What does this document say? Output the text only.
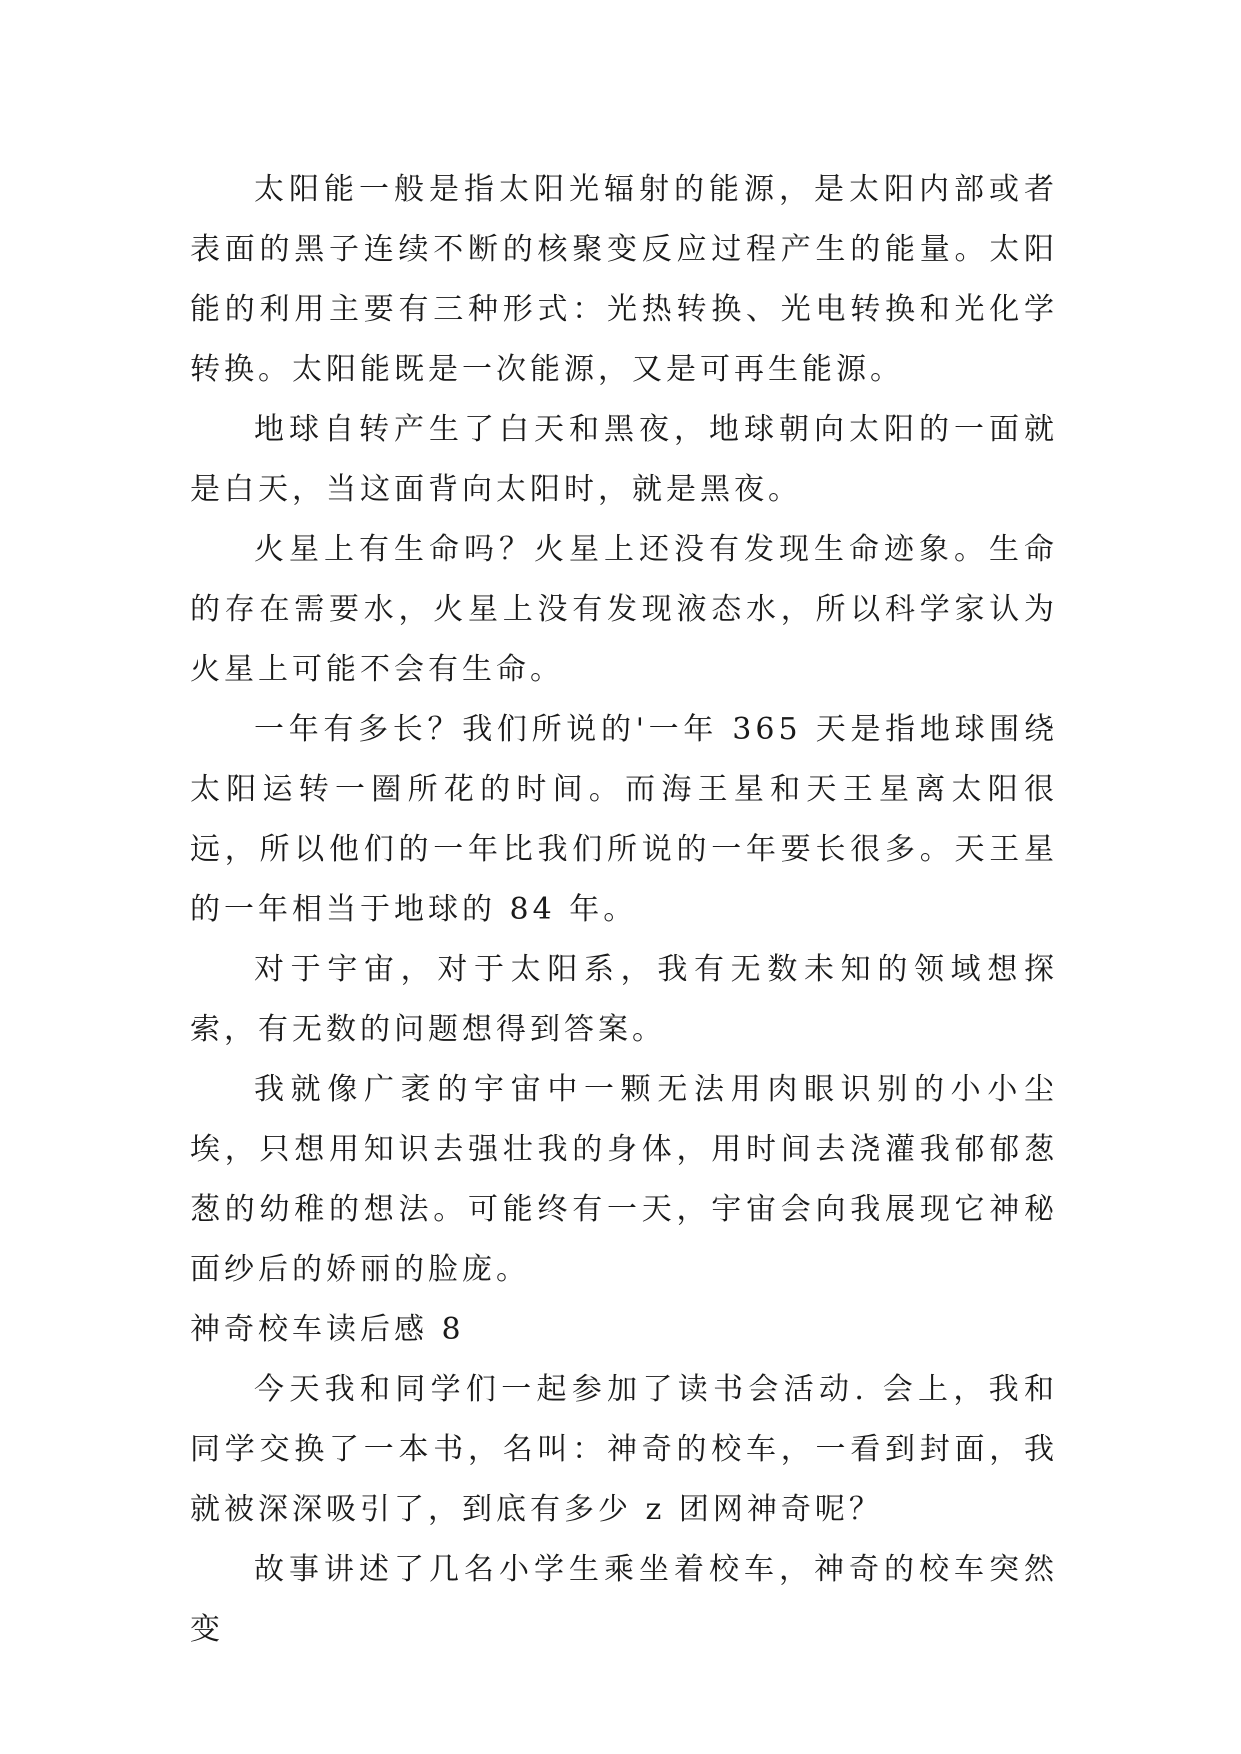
太阳能一般是指太阳光辐射的能源，是太阳内部或者表面的黑子连续不断的核聚变反应过程产生的能量。太阳能的利用主要有三种形式：光热转换、光电转换和光化学转换。太阳能既是一次能源，又是可再生能源。

地球自转产生了白天和黑夜，地球朝向太阳的一面就是白天，当这面背向太阳时，就是黑夜。

火星上有生命吗？火星上还没有发现生命迹象。生命的存在需要水，火星上没有发现液态水，所以科学家认为火星上可能不会有生命。

一年有多长？我们所说的'一年 365 天是指地球围绕太阳运转一圈所花的时间。而海王星和天王星离太阳很远，所以他们的一年比我们所说的一年要长很多。天王星的一年相当于地球的 84 年。

对于宇宙，对于太阳系，我有无数未知的领域想探索，有无数的问题想得到答案。

我就像广袤的宇宙中一颗无法用肉眼识别的小小尘埃，只想用知识去强壮我的身体，用时间去浇灌我郁郁葱葱的幼稚的想法。可能终有一天，宇宙会向我展现它神秘面纱后的娇丽的脸庞。

神奇校车读后感 8

今天我和同学们一起参加了读书会活动. 会上，我和同学交换了一本书，名叫：神奇的校车，一看到封面，我就被深深吸引了，到底有多少 z 团网神奇呢？

故事讲述了几名小学生乘坐着校车，神奇的校车突然变
